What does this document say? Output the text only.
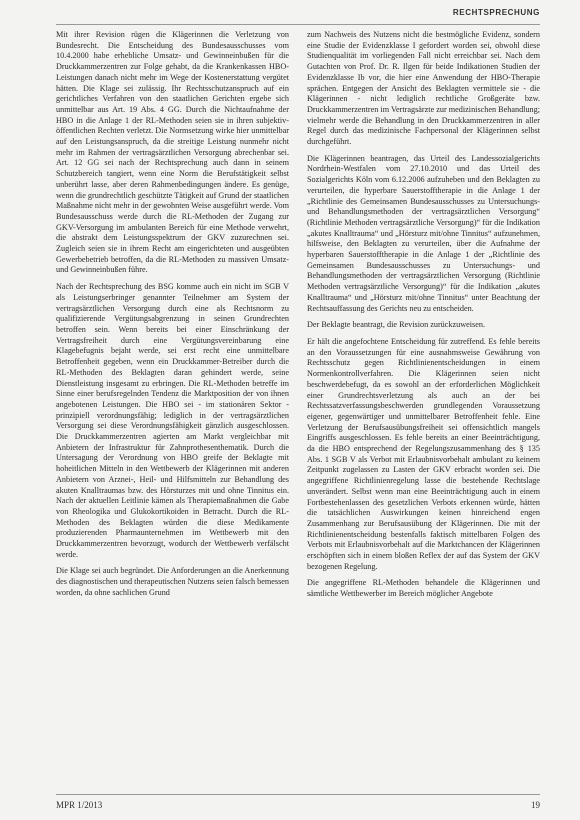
RECHTSPRECHUNG

Mit ihrer Revision rügen die Klägerinnen die Verletzung von Bundesrecht. Die Entscheidung des Bundesausschusses vom 10.4.2000 habe erhebliche Umsatz- und Gewinneinbußen für die Druckkammerzentren zur Folge gehabt, da die Krankenkassen HBO-Leistungen danach nicht mehr im Wege der Kostenerstattung vergütet hätten. Die Klage sei zulässig. Ihr Rechtsschutzanspruch auf ein gerichtliches Verfahren von den staatlichen Gerichten ergebe sich unmittelbar aus Art. 19 Abs. 4 GG. Durch die Nichtaufnahme der HBO in die Anlage 1 der RL-Methoden seien sie in ihren subjektiv-öffentlichen Rechten verletzt. Die Normsetzung wirke hier unmittelbar auf den Leistungsanspruch, da die streitige Leistung nunmehr nicht mehr im Rahmen der vertragsärztlichen Versorgung abrechenbar sei. Art. 12 GG sei nach der Rechtsprechung auch dann in seinem Schutzbereich tangiert, wenn eine Norm die Berufstätigkeit selbst unberührt lasse, aber deren Rahmenbedingungen ändere. Es genüge, wenn die grundrechtlich geschützte Tätigkeit auf Grund der staatlichen Maßnahme nicht mehr in der gewohnten Weise ausgeführt werde. Vom Bundesausschuss werde durch die RL-Methoden der Zugang zur GKV-Versorgung im ambulanten Bereich für eine Methode verwehrt, die abstrakt dem Leistungsspektrum der GKV zuzurechnen sei. Zugleich seien sie in ihrem Recht am eingerichteten und ausgeübten Gewerbebetrieb betroffen, da die RL-Methoden zu massiven Umsatz- und Gewinneinbußen führe.

Nach der Rechtsprechung des BSG komme auch ein nicht im SGB V als Leistungserbringer genannter Teilnehmer am System der vertragsärztlichen Versorgung durch eine als Rechtsnorm zu qualifizierende Vergütungsabgrenzung in seinen Grundrechten betroffen sein. Wenn bereits bei einer Einschränkung der Vertragsfreiheit durch eine Vergütungsvereinbarung eine Klagebefugnis bejaht werde, sei erst recht eine unmittelbare Betroffenheit gegeben, wenn ein Druckkammer-Betreiber durch die RL-Methoden des Beklagten daran gehindert werde, seine Dienstleistung insgesamt zu erbringen. Die RL-Methoden betreffe im Sinne einer berufsregelnden Tendenz die Marktposition der von ihnen angebotenen Leistungen. Die HBO sei - im stationären Sektor - prinzipiell verordnungsfähig; lediglich in der vertragsärztlichen Versorgung sei diese Verordnungsfähigkeit gänzlich ausgeschlossen. Die Druckkammerzentren agierten am Markt vergleichbar mit Anbietern der Infrastruktur für Zahnprothesenthematik. Durch die Untersagung der Verordnung von HBO greife der Beklagte mit hoheitlichen Mitteln in den Wettbewerb der Klägerinnen mit anderen Anbietern von Arznei-, Heil- und Hilfsmitteln zur Behandlung des akuten Knalltraumas bzw. des Hörsturzes mit und ohne Tinnitus ein. Nach der aktuellen Leitlinie kämen als Therapiemaßnahmen die Gabe von Rheologika und Glukokortikoiden in Betracht. Durch die RL-Methoden des Beklagten würden die diese Medikamente produzierenden Pharmaunternehmen im Wettbewerb mit den Druckkammerzentren bevorzugt, wodurch der Wettbewerb verfälscht werde.

Die Klage sei auch begründet. Die Anforderungen an die Anerkennung des diagnostischen und therapeutischen Nutzens seien falsch bemessen worden, da ohne sachlichen Grund

zum Nachweis des Nutzens nicht die bestmögliche Evidenz, sondern eine Studie der Evidenzklasse I gefordert worden sei, obwohl diese Studienqualität im vorliegenden Fall nicht erreichbar sei. Nach dem Gutachten von Prof. Dr. R. Ilgen für beide Indikationen Studien der Evidenzklasse Ib vor, die hier eine Anwendung der HBO-Therapie sprächen. Entgegen der Ansicht des Beklagten vermittele sie - die Klägerinnen - nicht lediglich rechtliche Großgeräte bzw. Druckkammerzentren im Vertragsärzte zur medizinischen Behandlung; vielmehr werde die Behandlung in den Druckkammerzentren in aller Regel durch das medizinische Fachpersonal der Klägerinnen selbst durchgeführt.

Die Klägerinnen beantragen, das Urteil des Landessozialgerichts Nordrhein-Westfalen vom 27.10.2010 und das Urteil des Sozialgerichts Köln vom 6.12.2006 aufzuheben und den Beklagten zu verurteilen, die hyperbare Sauerstofftherapie in die Anlage 1 der „Richtlinie des Gemeinsamen Bundesausschusses zu Untersuchungs- und Behandlungsmethoden der vertragsärztlichen Versorgung“ (Richtlinie Methoden vertragsärztliche Versorgung)“ für die Indikation „akutes Knalltrauma“ und „Hörsturz mit/ohne Tinnitus“ aufzunehmen, hilfsweise, den Beklagten zu verurteilen, über die Aufnahme der hyperbaren Sauerstofftherapie in die Anlage 1 der „Richtlinie des Gemeinsamen Bundesausschusses zu Untersuchungs- und Behandlungsmethoden der vertragsärztlichen Versorgung (Richtlinie Methoden vertragsärztliche Versorgung)“ für die Indikation „akutes Knalltrauma“ und „Hörsturz mit/ohne Tinnitus“ unter Beachtung der Rechtsauffassung des Gerichts neu zu entscheiden.

Der Beklagte beantragt, die Revision zurückzuweisen.

Er hält die angefochtene Entscheidung für zutreffend. Es fehle bereits an den Voraussetzungen für eine ausnahmsweise Gewährung von Rechtsschutz gegen Richtlinienentscheidungen in einem Normenkontrollverfahren. Die Klägerinnen seien nicht beschwerdebefugt, da es sowohl an der erforderlichen Möglichkeit einer Grundrechtsverletzung als auch an der bei Rechtssatzverfassungsbeschwerden grundlegenden Voraussetzung eigener, gegenwärtiger und unmittelbarer Betroffenheit fehle. Eine Verletzung der Berufsausübungsfreiheit sei offensichtlich mangels Eingriffs ausgeschlossen. Es fehle bereits an einer Beeinträchtigung, da die HBO entsprechend der Regelungszusammenhang des § 135 Abs. 1 SGB V als Verbot mit Erlaubnisvorbehalt ambulant zu keinem Zeitpunkt zugelassen zu Lasten der GKV erbracht worden sei. Die angegriffene Richtlinienregelung lasse die bestehende Rechtslage unverändert. Selbst wenn man eine Beeinträchtigung auch in einem Fortbestehenlassen des gesetzlichen Verbots erkennen würde, hätten die tatsächlichen Auswirkungen keinen hinreichend engen Zusammenhang zur Berufsausübung der Klägerinnen. Die mit der Richtlinienentscheidung bestenfalls faktisch mittelbaren Folgen des Verbots mit Erlaubnisvorbehalt auf die Marktchancen der Klägerinnen erschöpften sich in einem bloßen Reflex der auf das System der GKV bezogenen Regelung.

Die angegriffene RL-Methoden behandele die Klägerinnen und sämtliche Wettbewerber im Bereich möglicher Angebote

MPR 1/2013	19
